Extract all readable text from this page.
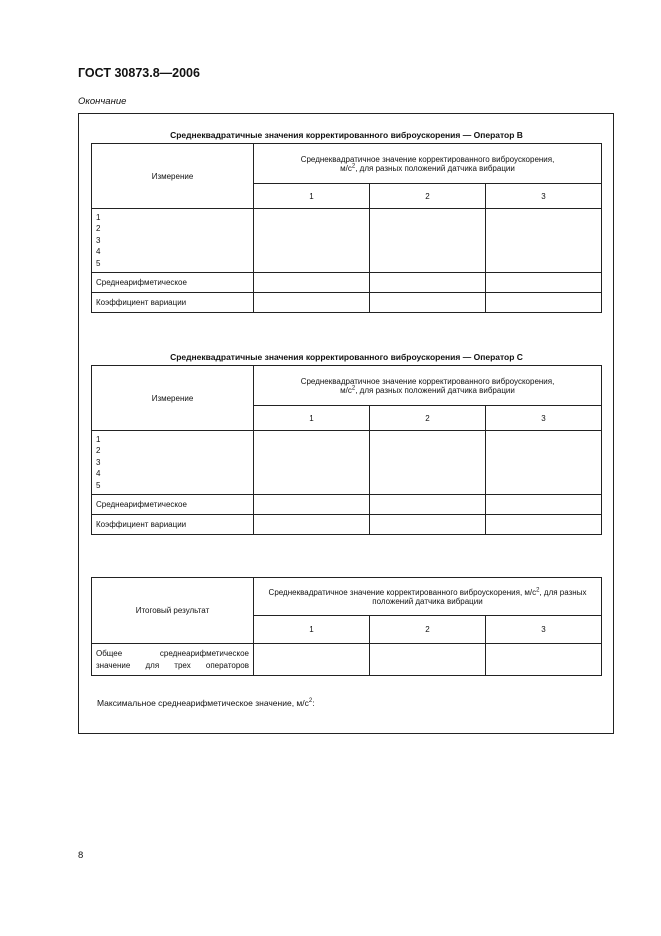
ГОСТ 30873.8—2006
Окончание
Среднеквадратичные значения корректированного виброускорения — Оператор В
Измерение	Среднеквадратичное значение корректированного виброускорения,
$м/с^2$, для разных положений датчика вибрации		
	1	2	3

1
2
3
4
5			

Среднеарифметическое			
Коэффициент вариации			
Среднеквадратичные значения корректированного виброускорения — Оператор С
Измерение	Среднеквадратичное значение корректированного виброускорения,
$м/с^2$, для разных положений датчика вибрации		
	1	2	3

1
2
3
4
5			

Среднеарифметическое			
Коэффициент вариации			
Итоговый результат	Среднеквадратичное значение корректированного виброускорения, $м/с^2$, для разных положений датчика вибрации		
	1	2	3
Общее среднеарифметическое значение для трех операторов			
Максимальное среднеарифметическое значение, $м/с^2$:
8
